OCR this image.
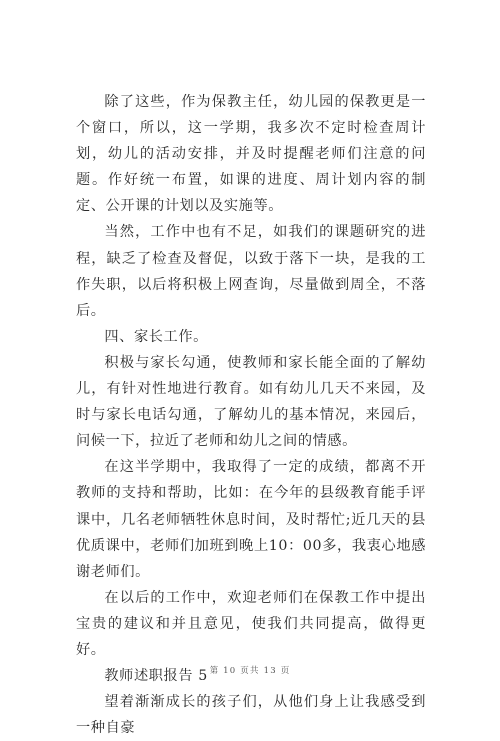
除了这些，作为保教主任，幼儿园的保教更是一个窗口，所以，这一学期，我多次不定时检查周计划，幼儿的活动安排，并及时提醒老师们注意的问题。作好统一布置，如课的进度、周计划内容的制定、公开课的计划以及实施等。

当然，工作中也有不足，如我们的课题研究的进程，缺乏了检查及督促，以致于落下一块，是我的工作失职，以后将积极上网查询，尽量做到周全，不落后。

四、家长工作。

积极与家长勾通，使教师和家长能全面的了解幼儿，有针对性地进行教育。如有幼儿几天不来园，及时与家长电话勾通，了解幼儿的基本情况，来园后，问候一下，拉近了老师和幼儿之间的情感。

在这半学期中，我取得了一定的成绩，都离不开教师的支持和帮助，比如：在今年的县级教育能手评课中，几名老师牺牲休息时间，及时帮忙;近几天的县优质课中，老师们加班到晚上10：00多，我衷心地感谢老师们。

在以后的工作中，欢迎老师们在保教工作中提出宝贵的建议和并且意见，使我们共同提高，做得更好。

教师述职报告 5

望着渐渐成长的孩子们，从他们身上让我感受到一种自豪

第 10 页共 13 页
